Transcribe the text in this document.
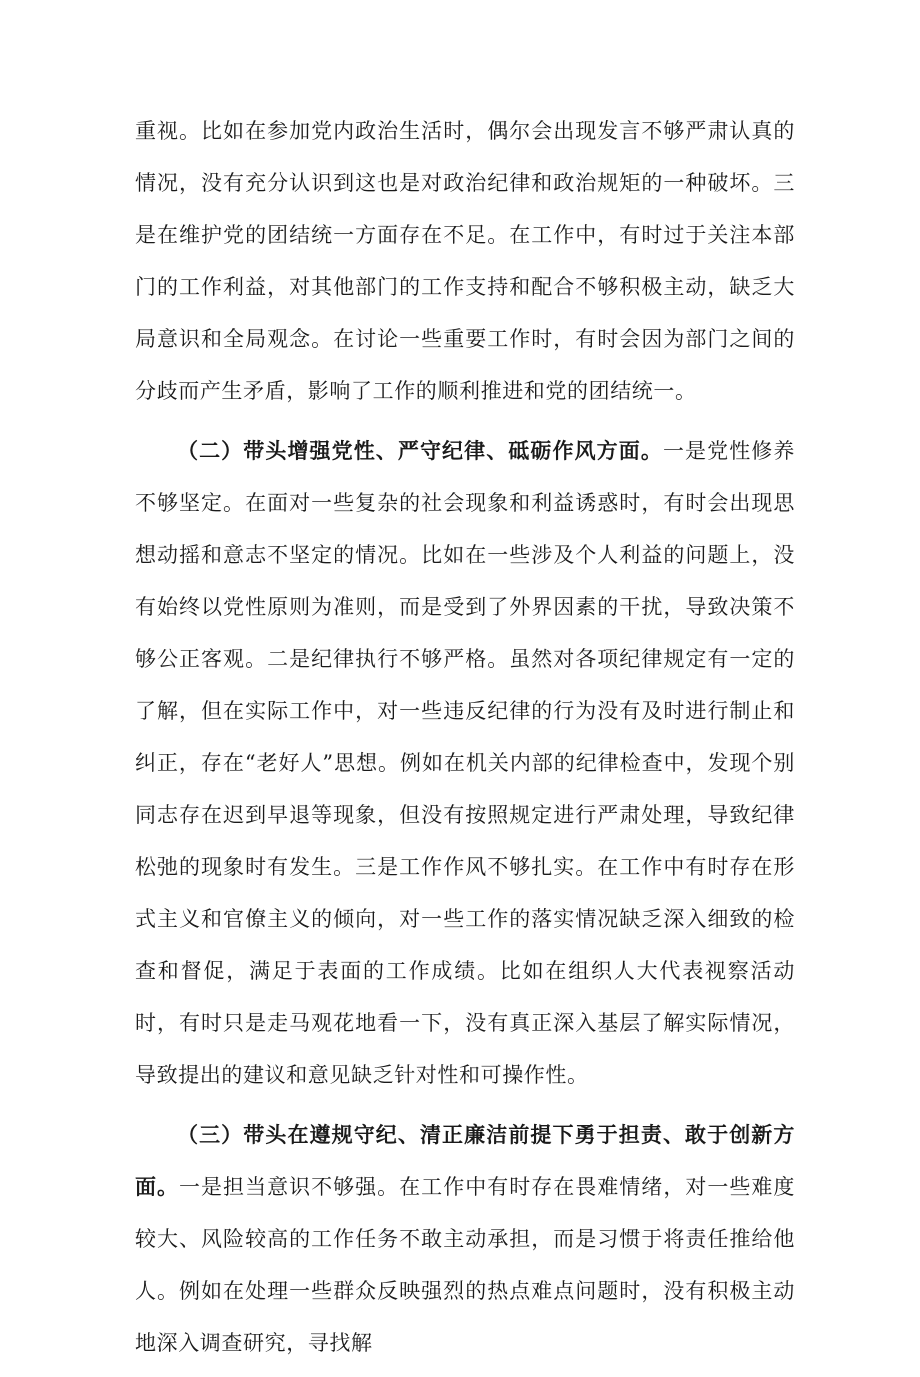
重视。比如在参加党内政治生活时，偶尔会出现发言不够严肃认真的情况，没有充分认识到这也是对政治纪律和政治规矩的一种破坏。三是在维护党的团结统一方面存在不足。在工作中，有时过于关注本部门的工作利益，对其他部门的工作支持和配合不够积极主动，缺乏大局意识和全局观念。在讨论一些重要工作时，有时会因为部门之间的分歧而产生矛盾，影响了工作的顺利推进和党的团结统一。

（二）带头增强党性、严守纪律、砥砺作风方面。一是党性修养不够坚定。在面对一些复杂的社会现象和利益诱惑时，有时会出现思想动摇和意志不坚定的情况。比如在一些涉及个人利益的问题上，没有始终以党性原则为准则，而是受到了外界因素的干扰，导致决策不够公正客观。二是纪律执行不够严格。虽然对各项纪律规定有一定的了解，但在实际工作中，对一些违反纪律的行为没有及时进行制止和纠正，存在“老好人”思想。例如在机关内部的纪律检查中，发现个别同志存在迟到早退等现象，但没有按照规定进行严肃处理，导致纪律松弛的现象时有发生。三是工作作风不够扎实。在工作中有时存在形式主义和官僚主义的倾向，对一些工作的落实情况缺乏深入细致的检查和督促，满足于表面的工作成绩。比如在组织人大代表视察活动时，有时只是走马观花地看一下，没有真正深入基层了解实际情况，导致提出的建议和意见缺乏针对性和可操作性。

（三）带头在遵规守纪、清正廉洁前提下勇于担责、敢于创新方面。一是担当意识不够强。在工作中有时存在畏难情绪，对一些难度较大、风险较高的工作任务不敢主动承担，而是习惯于将责任推给他人。例如在处理一些群众反映强烈的热点难点问题时，没有积极主动地深入调查研究，寻找解
